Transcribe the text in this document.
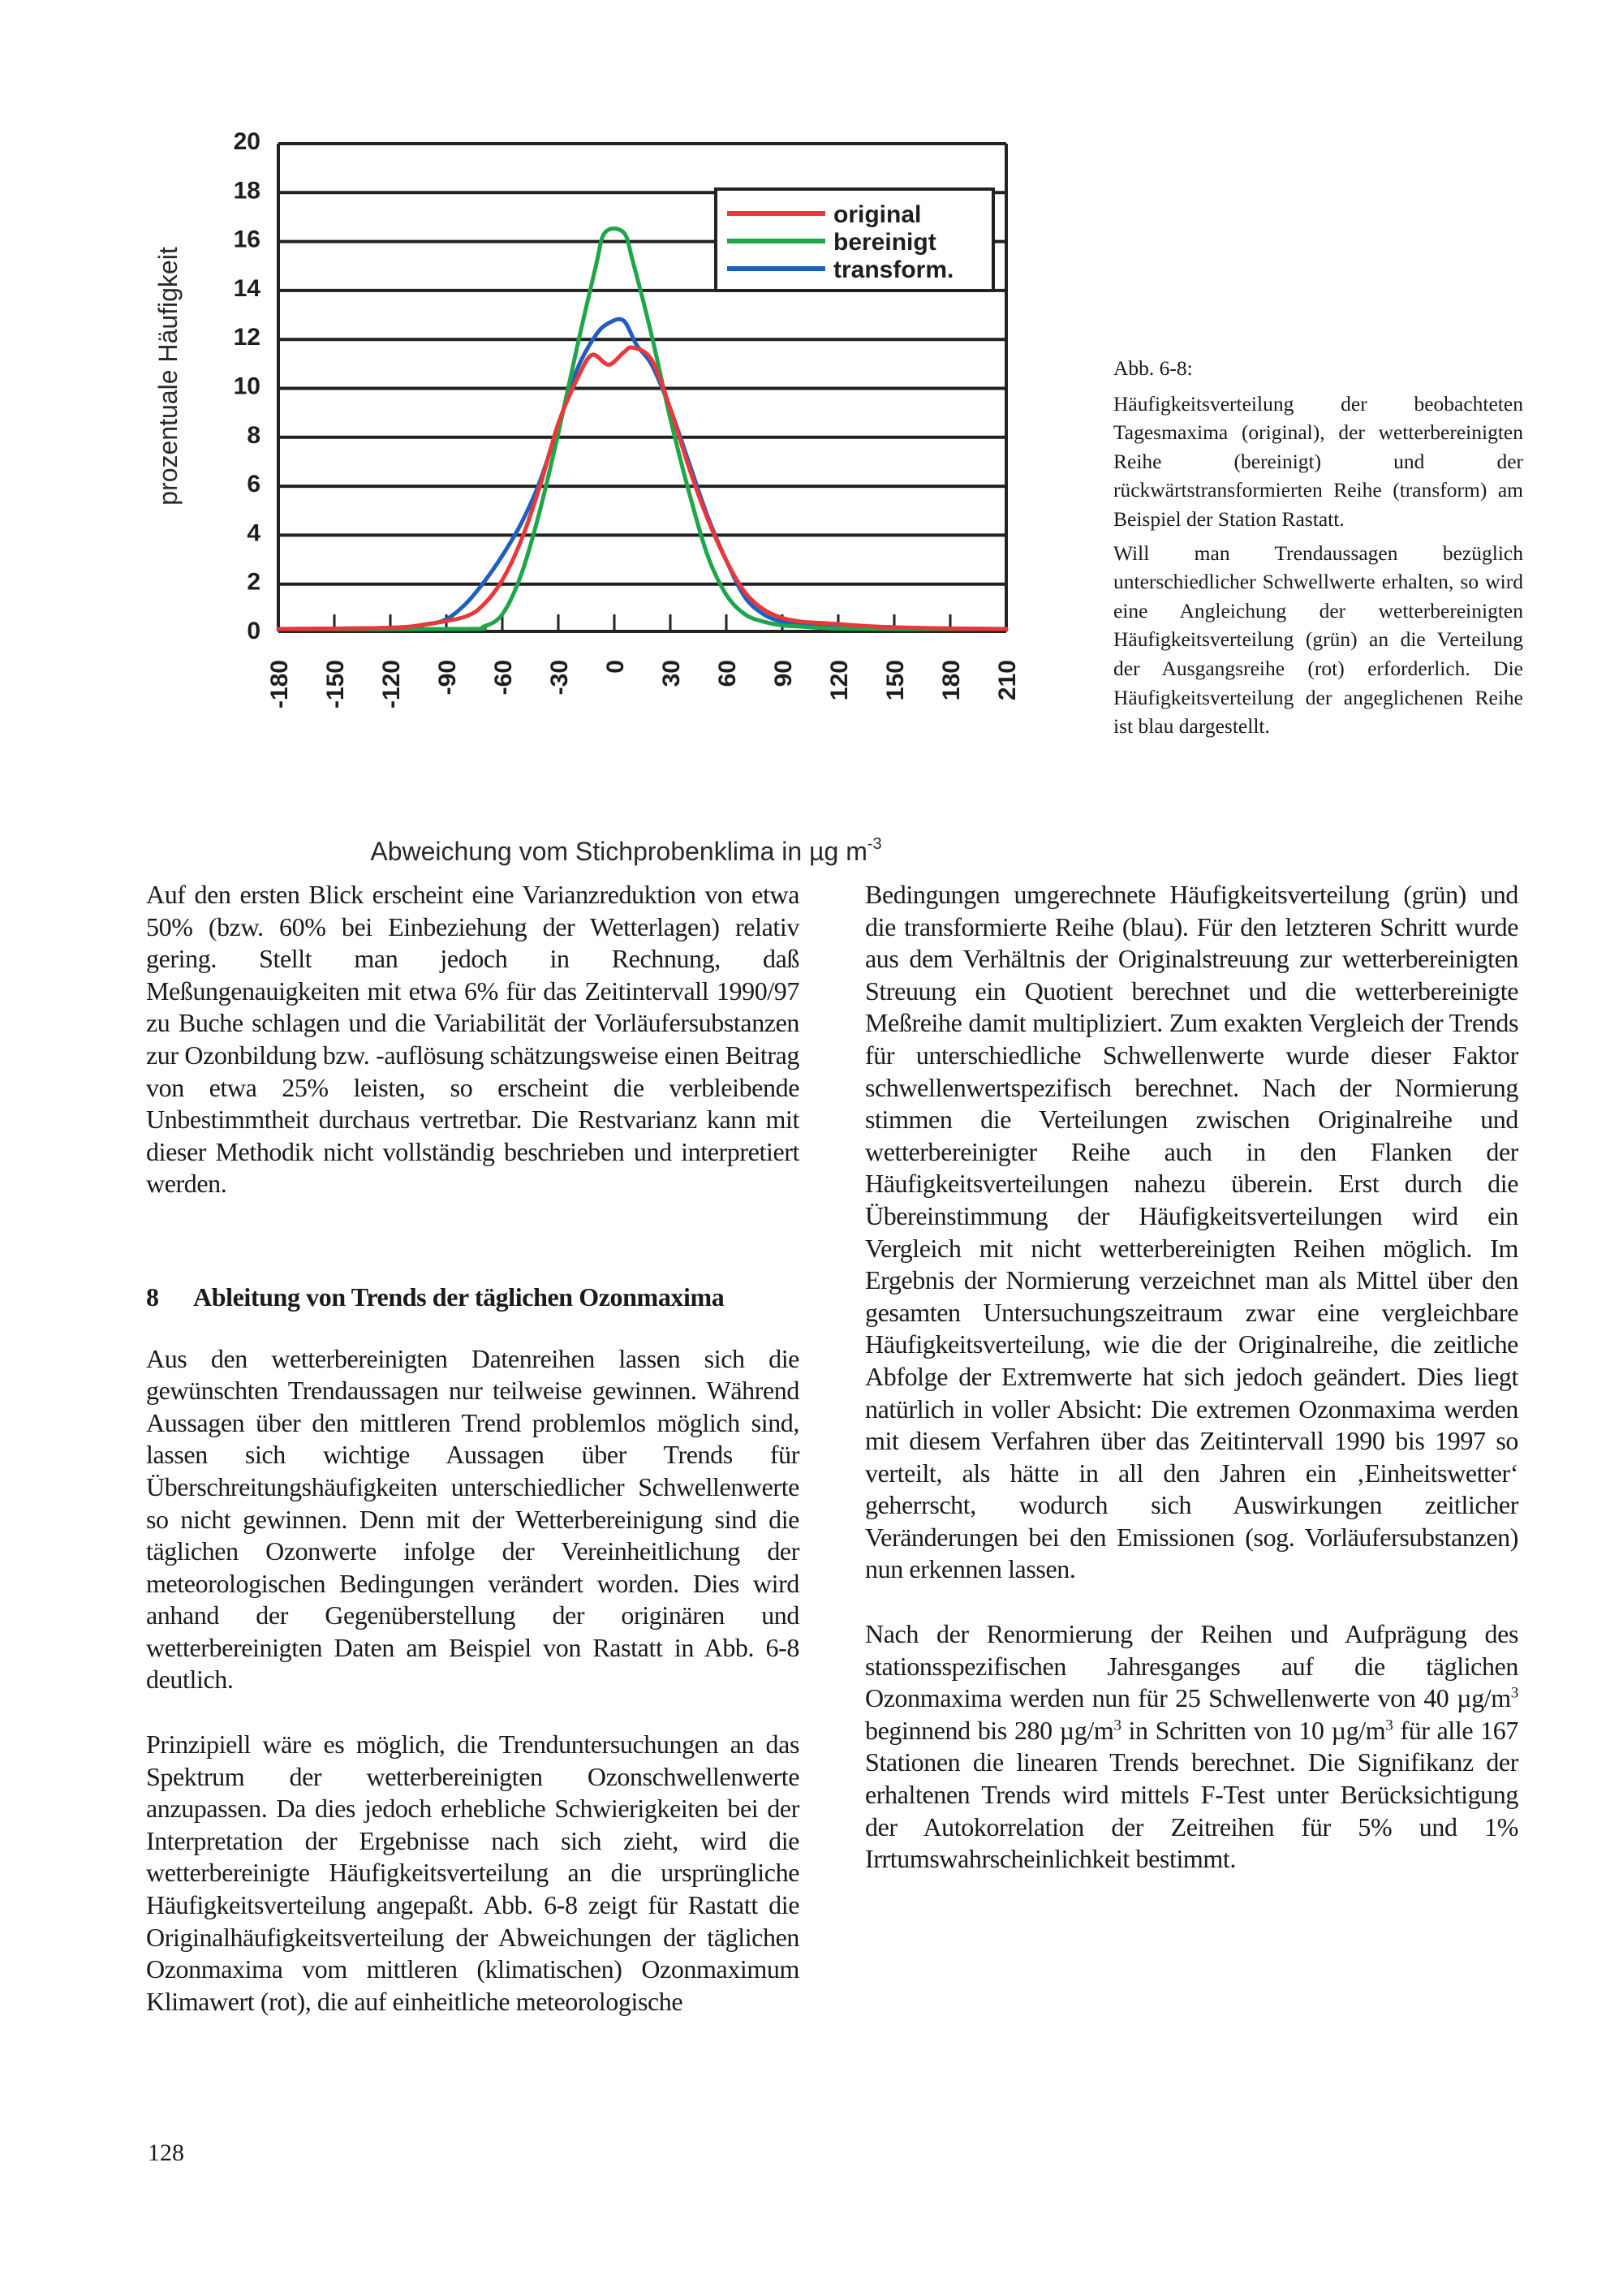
0
2
4
6
8
10
12
14
16
18
20
-180 -150 -120 -90 -60 -30 0 30 60 90 120 150 180 210
prozentuale Häufigkeit
Abweichung vom Stichprobenklima in µg $m^{-3}$
original
bereinigt
transform.

Abb. 6-8:

Häufigkeitsverteilung der beobachteten Tagesmaxima (original), der wetterbereinigten Reihe (bereinigt) und der rückwärtstransformierten Reihe (transform) am Beispiel der Station Rastatt.

Will man Trendaussagen bezüglich unterschiedlicher Schwellwerte erhalten, so wird eine Angleichung der wetterbereinigten Häufigkeitsverteilung (grün) an die Verteilung der Ausgangsreihe (rot) erforderlich. Die Häufigkeitsverteilung der angeglichenen Reihe ist blau dargestellt.

Auf den ersten Blick erscheint eine Varianzreduktion von etwa 50% (bzw. 60% bei Einbeziehung der Wetterlagen) relativ gering. Stellt man jedoch in Rechnung, daß Meßungenauigkeiten mit etwa 6% für das Zeitintervall 1990/97 zu Buche schlagen und die Variabilität der Vorläufersubstanzen zur Ozonbildung bzw. -auflösung schätzungsweise einen Beitrag von etwa 25% leisten, so erscheint die verbleibende Unbestimmtheit durchaus vertretbar. Die Restvarianz kann mit dieser Methodik nicht vollständig beschrieben und interpretiert werden.

8 Ableitung von Trends der täglichen Ozonmaxima

Aus den wetterbereinigten Datenreihen lassen sich die gewünschten Trendaussagen nur teilweise gewinnen. Während Aussagen über den mittleren Trend problemlos möglich sind, lassen sich wichtige Aussagen über Trends für Überschreitungshäufigkeiten unterschiedlicher Schwellenwerte so nicht gewinnen. Denn mit der Wetterbereinigung sind die täglichen Ozonwerte infolge der Vereinheitlichung der meteorologischen Bedingungen verändert worden. Dies wird anhand der Gegenüberstellung der originären und wetterbereinigten Daten am Beispiel von Rastatt in Abb. 6-8 deutlich.

Prinzipiell wäre es möglich, die Trenduntersuchungen an das Spektrum der wetterbereinigten Ozonschwellenwerte anzupassen. Da dies jedoch erhebliche Schwierigkeiten bei der Interpretation der Ergebnisse nach sich zieht, wird die wetterbereinigte Häufigkeitsverteilung an die ursprüngliche Häufigkeitsverteilung angepaßt. Abb. 6-8 zeigt für Rastatt die Originalhäufigkeitsverteilung der Abweichungen der täglichen Ozonmaxima vom mittleren (klimatischen) Ozonmaximum Klimawert (rot), die auf einheitliche meteorologische

Bedingungen umgerechnete Häufigkeitsverteilung (grün) und die transformierte Reihe (blau). Für den letzteren Schritt wurde aus dem Verhältnis der Originalstreuung zur wetterbereinigten Streuung ein Quotient berechnet und die wetterbereinigte Meßreihe damit multipliziert. Zum exakten Vergleich der Trends für unterschiedliche Schwellenwerte wurde dieser Faktor schwellenwertspezifisch berechnet. Nach der Normierung stimmen die Verteilungen zwischen Originalreihe und wetterbereinigter Reihe auch in den Flanken der Häufigkeitsverteilungen nahezu überein. Erst durch die Übereinstimmung der Häufigkeitsverteilungen wird ein Vergleich mit nicht wetterbereinigten Reihen möglich. Im Ergebnis der Normierung verzeichnet man als Mittel über den gesamten Untersuchungszeitraum zwar eine vergleichbare Häufigkeitsverteilung, wie die der Originalreihe, die zeitliche Abfolge der Extremwerte hat sich jedoch geändert. Dies liegt natürlich in voller Absicht: Die extremen Ozonmaxima werden mit diesem Verfahren über das Zeitintervall 1990 bis 1997 so verteilt, als hätte in all den Jahren ein ‚Einheitswetter‘ geherrscht, wodurch sich Auswirkungen zeitlicher Veränderungen bei den Emissionen (sog. Vorläufersubstanzen) nun erkennen lassen.

Nach der Renormierung der Reihen und Aufprägung des stationsspezifischen Jahresganges auf die täglichen Ozonmaxima werden nun für 25 Schwellenwerte von 40 $\mu g/m^3$ beginnend bis 280 $\mu g/m^3$ in Schritten von 10 $\mu g/m^3$ für alle 167 Stationen die linearen Trends berechnet. Die Signifikanz der erhaltenen Trends wird mittels F-Test unter Berücksichtigung der Autokorrelation der Zeitreihen für 5% und 1% Irrtumswahrscheinlichkeit bestimmt.

128
